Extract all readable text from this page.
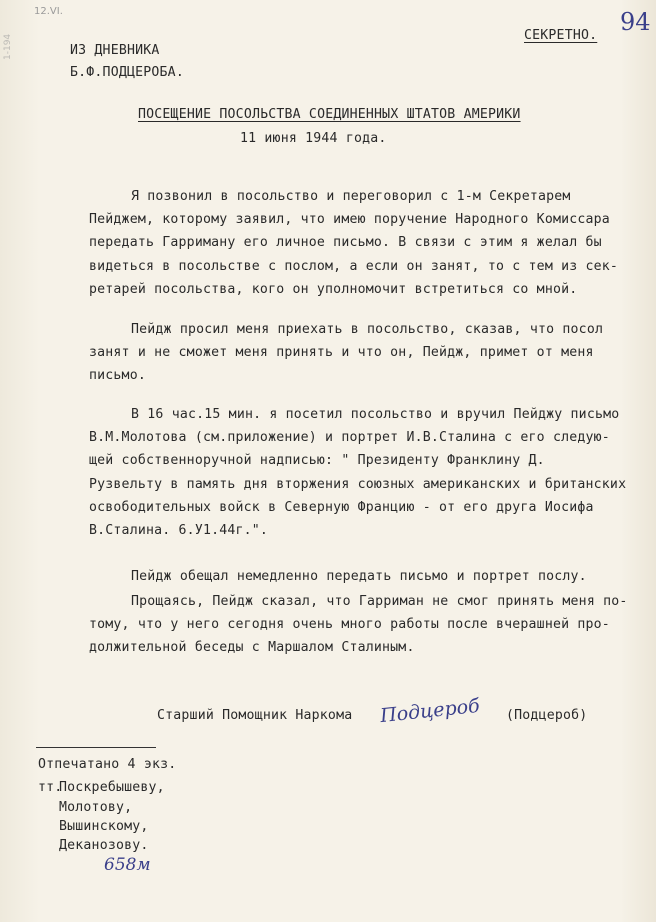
12.VI.
1-194	СЕКРЕТНО. 94
ИЗ ДНЕВНИКА
Б.Ф.ПОДЦЕРОБА.
ПОСЕЩЕНИЕ ПОСОЛЬСТВА СОЕДИНЕННЫХ ШТАТОВ АМЕРИКИ
11 июня 1944 года.
Я позвонил в посольство и переговорил с 1-м Секретарем
Пейджем, которому заявил, что имею поручение Народного Комиссара
передать Гарриману его личное письмо. В связи с этим я желал бы
видеться в посольстве с послом, а если он занят, то с тем из сек-
ретарей посольства, кого он уполномочит встретиться со мной.
Пейдж просил меня приехать в посольство, сказав, что посол
занят и не сможет меня принять и что он, Пейдж, примет от меня
письмо.
В 16 час.15 мин. я посетил посольство и вручил Пейджу письмо
В.М.Молотова (см.приложение) и портрет И.В.Сталина с его следую-
щей собственноручной надписью: " Президенту Франклину Д.
Рузвельту в память дня вторжения союзных американских и британских
освободительных войск в Северную Францию - от его друга Иосифа
В.Сталина. 6.У1.44г.".
Пейдж обещал немедленно передать письмо и портрет послу.
Прощаясь, Пейдж сказал, что Гарриман не смог принять меня по-
тому, что у него сегодня очень много работы после вчерашней про-
должительной беседы с Маршалом Сталиным.
Старший Помощник Наркома Подцероб (Подцероб)
Отпечатано 4 экз.
тт.
Поскребышеву,
Молотову,
Вышинскому,
Деканозову.
658м
